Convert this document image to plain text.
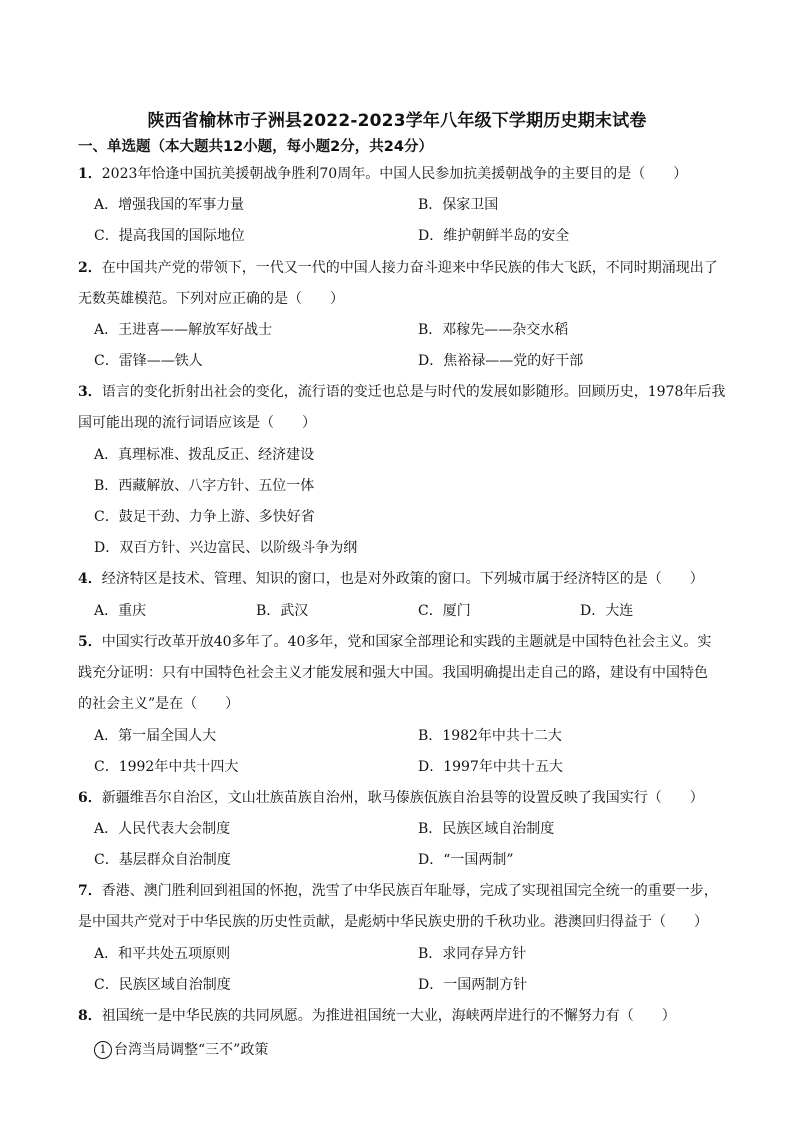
陕西省榆林市子洲县2022-2023学年八年级下学期历史期末试卷
一、单选题（本大题共12小题，每小题2分，共24分）
1．2023年恰逢中国抗美援朝战争胜利70周年。中国人民参加抗美援朝战争的主要目的是（　　）
A．增强我国的军事力量	B．保家卫国
C．提高我国的国际地位	D．维护朝鲜半岛的安全
2．在中国共产党的带领下，一代又一代的中国人接力奋斗迎来中华民族的伟大飞跃，不同时期涌现出了
无数英雄模范。下列对应正确的是（　　）
A．王进喜——解放军好战士	B．邓稼先——杂交水稻
C．雷锋——铁人	D．焦裕禄——党的好干部
3．语言的变化折射出社会的变化，流行语的变迁也总是与时代的发展如影随形。回顾历史，1978年后我
国可能出现的流行词语应该是（　　）
A．真理标准、拨乱反正、经济建设
B．西藏解放、八字方针、五位一体
C．鼓足干劲、力争上游、多快好省
D．双百方针、兴边富民、以阶级斗争为纲
4．经济特区是技术、管理、知识的窗口，也是对外政策的窗口。下列城市属于经济特区的是（　　）
A．重庆	B．武汉	C．厦门	D．大连
5．中国实行改革开放40多年了。40多年，党和国家全部理论和实践的主题就是中国特色社会主义。实
践充分证明：只有中国特色社会主义才能发展和强大中国。我国明确提出走自己的路，建设有中国特色
的社会主义”是在（　　）
A．第一届全国人大	B．1982年中共十二大
C．1992年中共十四大	D．1997年中共十五大
6．新疆维吾尔自治区，文山壮族苗族自治州，耿马傣族佤族自治县等的设置反映了我国实行（　　）
A．人民代表大会制度	B．民族区域自治制度
C．基层群众自治制度	D．“一国两制”
7．香港、澳门胜利回到祖国的怀抱，洗雪了中华民族百年耻辱，完成了实现祖国完全统一的重要一步，
是中国共产党对于中华民族的历史性贡献，是彪炳中华民族史册的千秋功业。港澳回归得益于（　　）
A．和平共处五项原则	B．求同存异方针
C．民族区域自治制度	D．一国两制方针
8．祖国统一是中华民族的共同夙愿。为推进祖国统一大业，海峡两岸进行的不懈努力有（　　）
1 台湾当局调整“三不”政策
